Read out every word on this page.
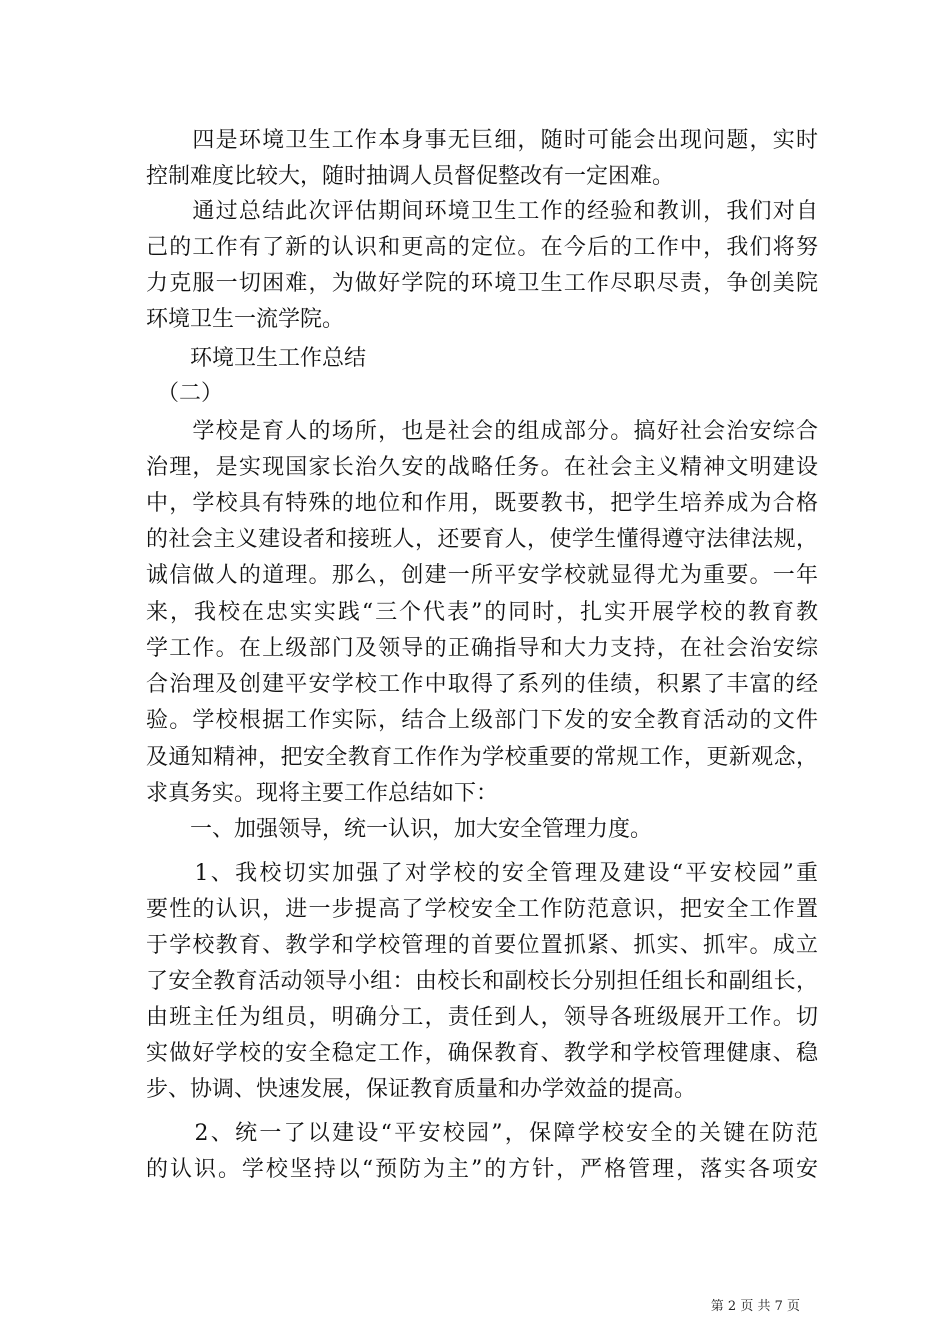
　　四是环境卫生工作本身事无巨细，随时可能会出现问题，实时
控制难度比较大，随时抽调人员督促整改有一定困难。
　　通过总结此次评估期间环境卫生工作的经验和教训，我们对自
己的工作有了新的认识和更高的定位。在今后的工作中，我们将努
力克服一切困难，为做好学院的环境卫生工作尽职尽责，争创美院
环境卫生一流学院。
　　环境卫生工作总结
　（二）
　　学校是育人的场所，也是社会的组成部分。搞好社会治安综合
治理，是实现国家长治久安的战略任务。在社会主义精神文明建设
中，学校具有特殊的地位和作用，既要教书，把学生培养成为合格
的社会主义建设者和接班人，还要育人，使学生懂得遵守法律法规，
诚信做人的道理。那么，创建一所平安学校就显得尤为重要。一年
来，我校在忠实实践“三个代表”的同时，扎实开展学校的教育教
学工作。在上级部门及领导的正确指导和大力支持，在社会治安综
合治理及创建平安学校工作中取得了系列的佳绩，积累了丰富的经
验。学校根据工作实际，结合上级部门下发的安全教育活动的文件
及通知精神，把安全教育工作作为学校重要的常规工作，更新观念，
求真务实。现将主要工作总结如下：
　　一、加强领导，统一认识，加大安全管理力度。
　　1、我校切实加强了对学校的安全管理及建设“平安校园”重
要性的认识，进一步提高了学校安全工作防范意识，把安全工作置
于学校教育、教学和学校管理的首要位置抓紧、抓实、抓牢。成立
了安全教育活动领导小组：由校长和副校长分别担任组长和副组长，
由班主任为组员，明确分工，责任到人，领导各班级展开工作。切
实做好学校的安全稳定工作，确保教育、教学和学校管理健康、稳
步、协调、快速发展，保证教育质量和办学效益的提高。
　　2、统一了以建设“平安校园”，保障学校安全的关键在防范
的认识。学校坚持以“预防为主”的方针，严格管理，落实各项安
第 2 页 共 7 页
